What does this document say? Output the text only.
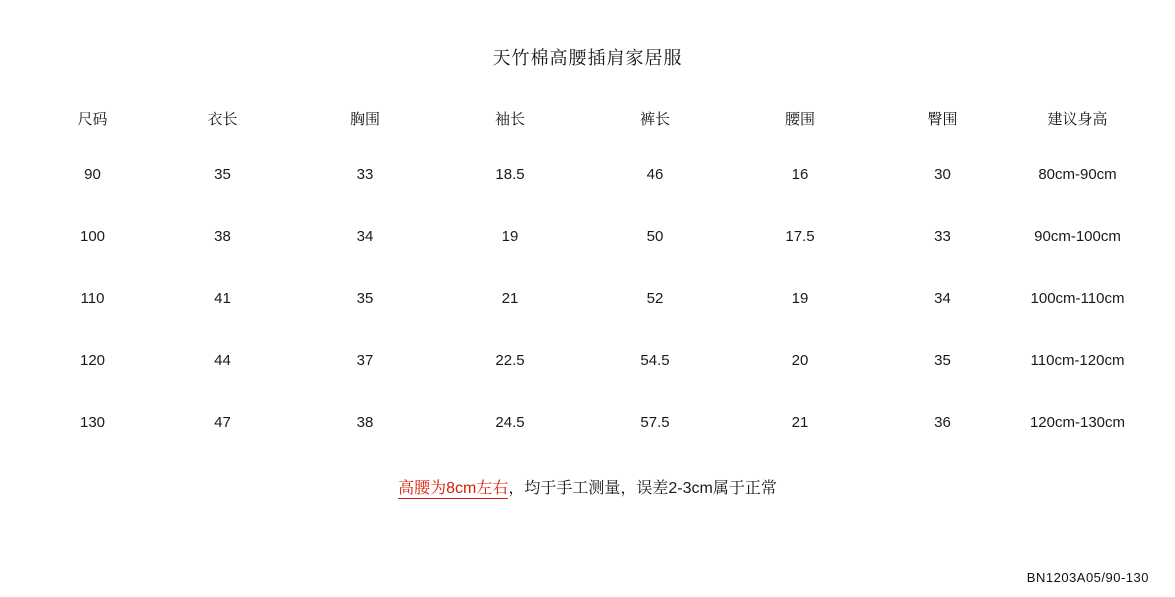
天竹棉高腰插肩家居服
尺码	衣长	胸围	袖长	裤长	腰围	臀围	建议身高
90	35	33	18.5	46	16	30	80cm-90cm
100	38	34	19	50	17.5	33	90cm-100cm
110	41	35	21	52	19	34	100cm-110cm
120	44	37	22.5	54.5	20	35	110cm-120cm
130	47	38	24.5	57.5	21	36	120cm-130cm
高腰为8cm左右，均于手工测量，误差2-3cm属于正常
BN1203A05/90-130
